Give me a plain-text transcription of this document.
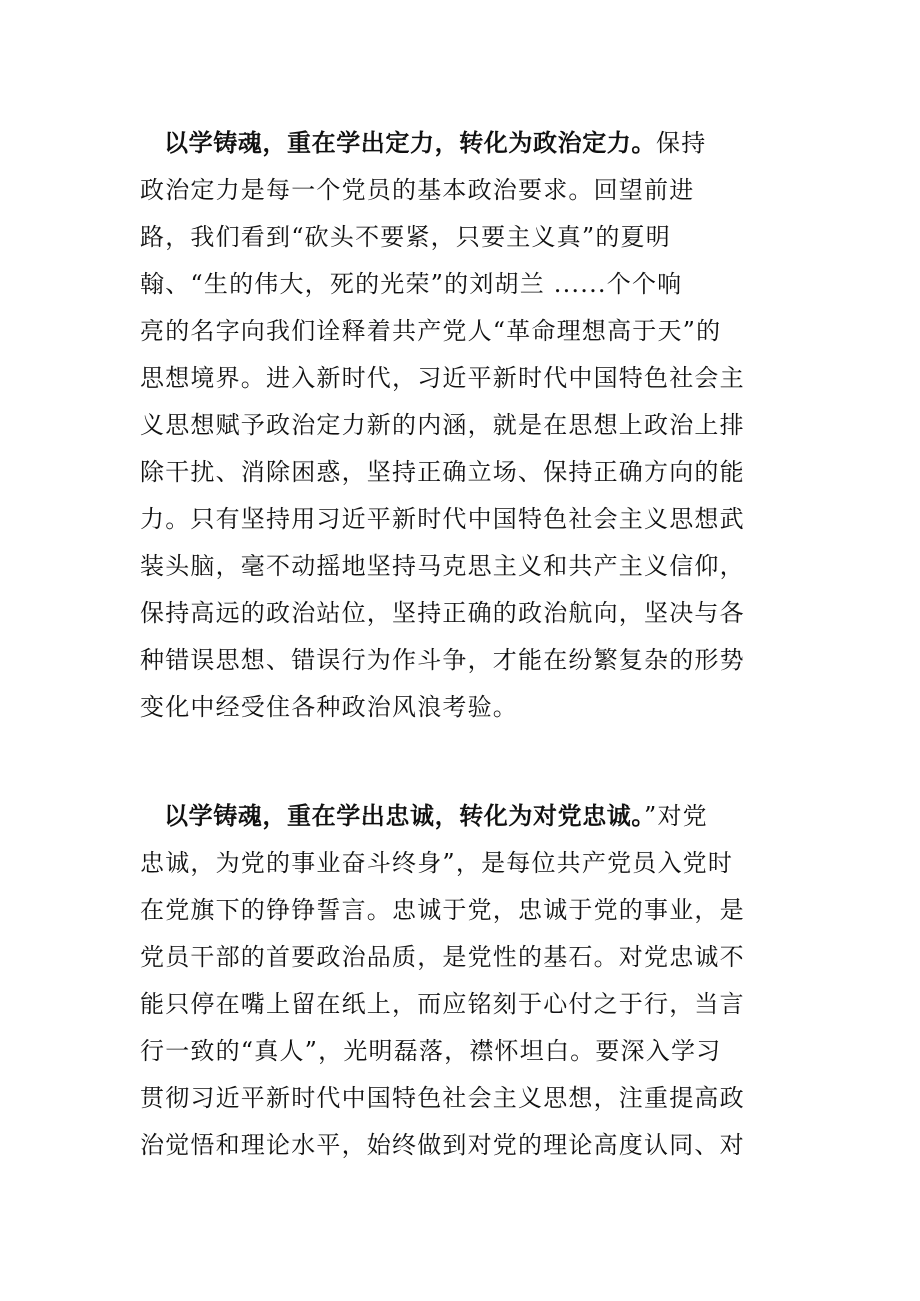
以学铸魂，重在学出定力，转化为政治定力。保持
政治定力是每一个党员的基本政治要求。回望前进
路，我们看到“砍头不要紧，只要主义真”的夏明
翰、“生的伟大，死的光荣”的刘胡兰 ......个个响
亮的名字向我们诠释着共产党人“革命理想高于天”的
思想境界。进入新时代，习近平新时代中国特色社会主
义思想赋予政治定力新的内涵，就是在思想上政治上排
除干扰、消除困惑，坚持正确立场、保持正确方向的能
力。只有坚持用习近平新时代中国特色社会主义思想武
装头脑，毫不动摇地坚持马克思主义和共产主义信仰，
保持高远的政治站位，坚持正确的政治航向，坚决与各
种错误思想、错误行为作斗争，才能在纷繁复杂的形势
变化中经受住各种政治风浪考验。
以学铸魂，重在学出忠诚，转化为对党忠诚。”对党
忠诚，为党的事业奋斗终身”，是每位共产党员入党时
在党旗下的铮铮誓言。忠诚于党，忠诚于党的事业，是
党员干部的首要政治品质，是党性的基石。对党忠诚不
能只停在嘴上留在纸上，而应铭刻于心付之于行，当言
行一致的“真人”，光明磊落，襟怀坦白。要深入学习
贯彻习近平新时代中国特色社会主义思想，注重提高政
治觉悟和理论水平，始终做到对党的理论高度认同、对
